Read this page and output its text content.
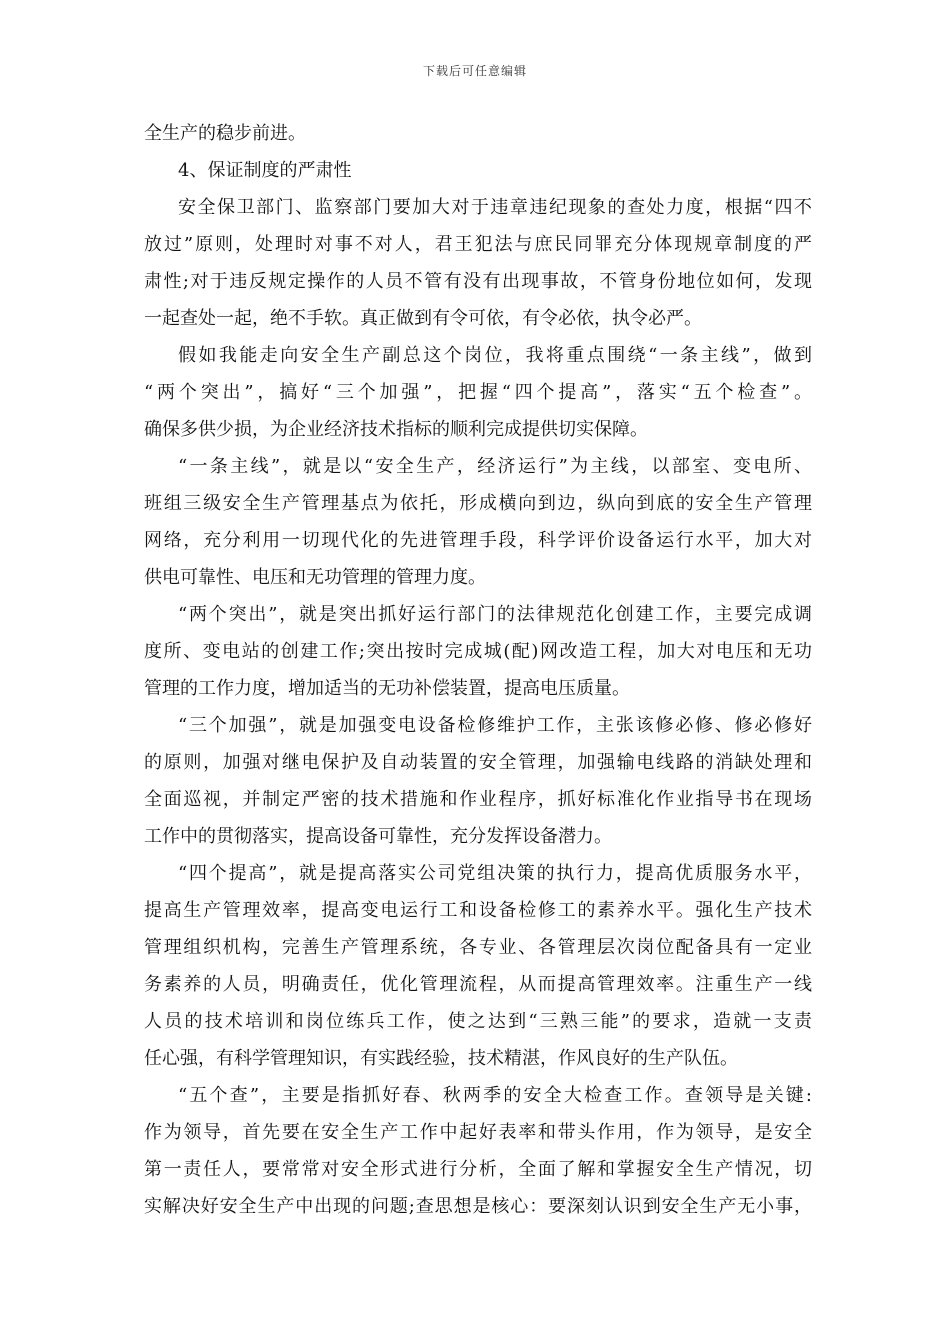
下载后可任意编辑
全生产的稳步前进。
4、保证制度的严肃性
安全保卫部门、监察部门要加大对于违章违纪现象的查处力度，根据“四不
放过”原则，处理时对事不对人，君王犯法与庶民同罪充分体现规章制度的严
肃性;对于违反规定操作的人员不管有没有出现事故，不管身份地位如何，发现
一起查处一起，绝不手软。真正做到有令可依，有令必依，执令必严。
假如我能走向安全生产副总这个岗位，我将重点围绕“一条主线”，做到
“两个突出”，搞好“三个加强”，把握“四个提高”，落实“五个检查”。
确保多供少损，为企业经济技术指标的顺利完成提供切实保障。
“一条主线”，就是以“安全生产，经济运行”为主线，以部室、变电所、
班组三级安全生产管理基点为依托，形成横向到边，纵向到底的安全生产管理
网络，充分利用一切现代化的先进管理手段，科学评价设备运行水平，加大对
供电可靠性、电压和无功管理的管理力度。
“两个突出”，就是突出抓好运行部门的法律规范化创建工作，主要完成调
度所、变电站的创建工作;突出按时完成城(配)网改造工程，加大对电压和无功
管理的工作力度，增加适当的无功补偿装置，提高电压质量。
“三个加强”，就是加强变电设备检修维护工作，主张该修必修、修必修好
的原则，加强对继电保护及自动装置的安全管理，加强输电线路的消缺处理和
全面巡视，并制定严密的技术措施和作业程序，抓好标准化作业指导书在现场
工作中的贯彻落实，提高设备可靠性，充分发挥设备潜力。
“四个提高”，就是提高落实公司党组决策的执行力，提高优质服务水平，
提高生产管理效率，提高变电运行工和设备检修工的素养水平。强化生产技术
管理组织机构，完善生产管理系统，各专业、各管理层次岗位配备具有一定业
务素养的人员，明确责任，优化管理流程，从而提高管理效率。注重生产一线
人员的技术培训和岗位练兵工作，使之达到“三熟三能”的要求，造就一支责
任心强，有科学管理知识，有实践经验，技术精湛，作风良好的生产队伍。
“五个查”，主要是指抓好春、秋两季的安全大检查工作。查领导是关键:
作为领导，首先要在安全生产工作中起好表率和带头作用，作为领导，是安全
第一责任人，要常常对安全形式进行分析，全面了解和掌握安全生产情况，切
实解决好安全生产中出现的问题;查思想是核心：要深刻认识到安全生产无小事，
